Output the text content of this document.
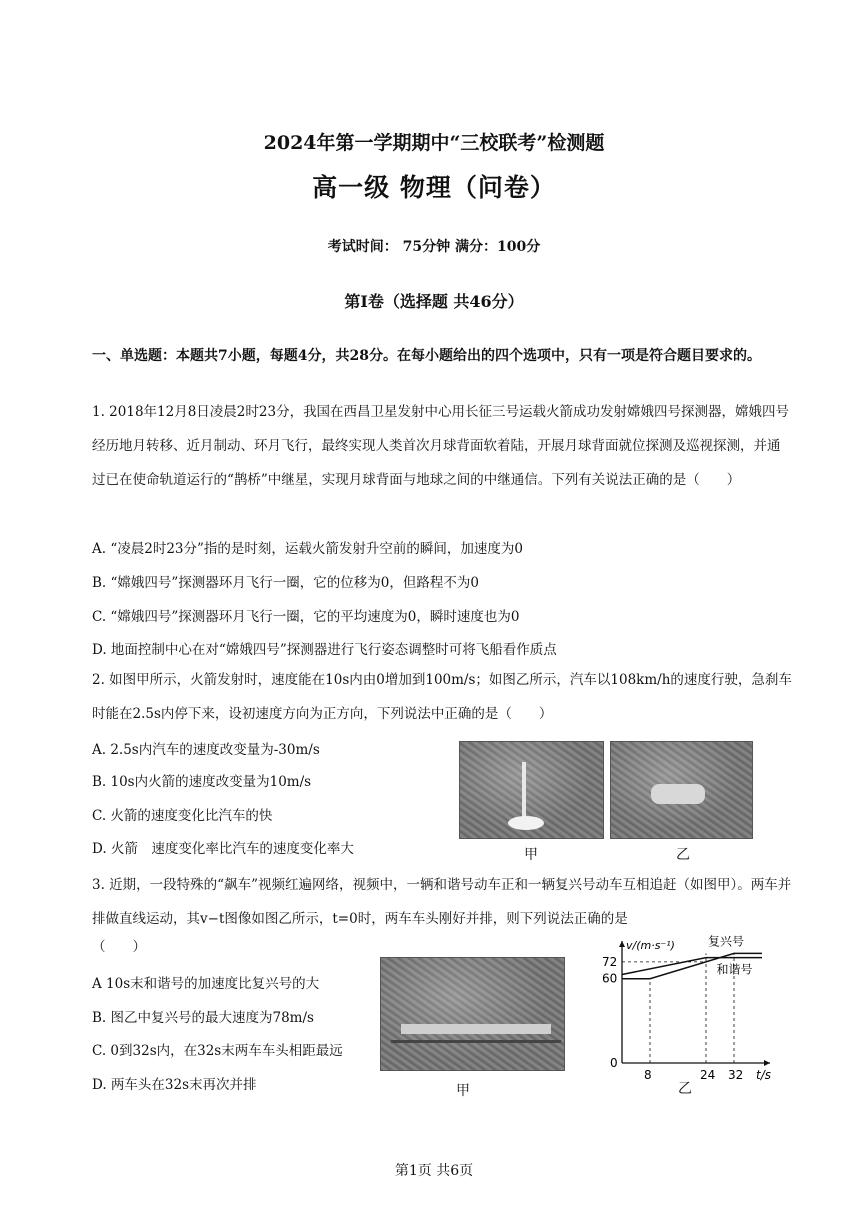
2024年第一学期期中“三校联考”检测题
高一级 物理（问卷）
考试时间： 75分钟 满分：100分
第Ⅰ卷（选择题 共46分）
一、单选题：本题共7小题，每题4分，共28分。在每小题给出的四个选项中，只有一项是符合题目要求的。
1. 2018年12月8日凌晨2时23分，我国在西昌卫星发射中心用长征三号运载火箭成功发射嫦娥四号探测器，嫦娥四号经历地月转移、近月制动、环月飞行，最终实现人类首次月球背面软着陆，开展月球背面就位探测及巡视探测，并通过已在使命轨道运行的“鹊桥”中继星，实现月球背面与地球之间的中继通信。下列有关说法正确的是（　　）
A. “凌晨2时23分”指的是时刻，运载火箭发射升空前的瞬间，加速度为0
B. “嫦娥四号”探测器环月飞行一圈，它的位移为0，但路程不为0
C. “嫦娥四号”探测器环月飞行一圈，它的平均速度为0，瞬时速度也为0
D. 地面控制中心在对“嫦娥四号”探测器进行飞行姿态调整时可将飞船看作质点
2. 如图甲所示，火箭发射时，速度能在10s内由0增加到100m/s；如图乙所示，汽车以108km/h的速度行驶，急刹车时能在2.5s内停下来，设初速度方向为正方向，下列说法中正确的是（　　）
A. 2.5s内汽车的速度改变量为-30m/s
B. 10s内火箭的速度改变量为10m/s
C. 火箭的速度变化比汽车的快
D. 火箭　速度变化率比汽车的速度变化率大	甲	乙
3. 近期，一段特殊的“飙车”视频红遍网络，视频中，一辆和谐号动车正和一辆复兴号动车互相追赶（如图甲）。两车并排做直线运动，其v−t图像如图乙所示，t=0时，两车车头刚好并排，则下列说法正确的是
（　　）
A 10s末和谐号的加速度比复兴号的大
B. 图乙中复兴号的最大速度为78m/s
C. 0到32s内，在32s末两车车头相距最远
D. 两车头在32s末再次并排	甲
v/(m·s⁻¹)
t/s
0
8	24 32
60
72
复兴号
和谐号
乙
第1页 共6页
